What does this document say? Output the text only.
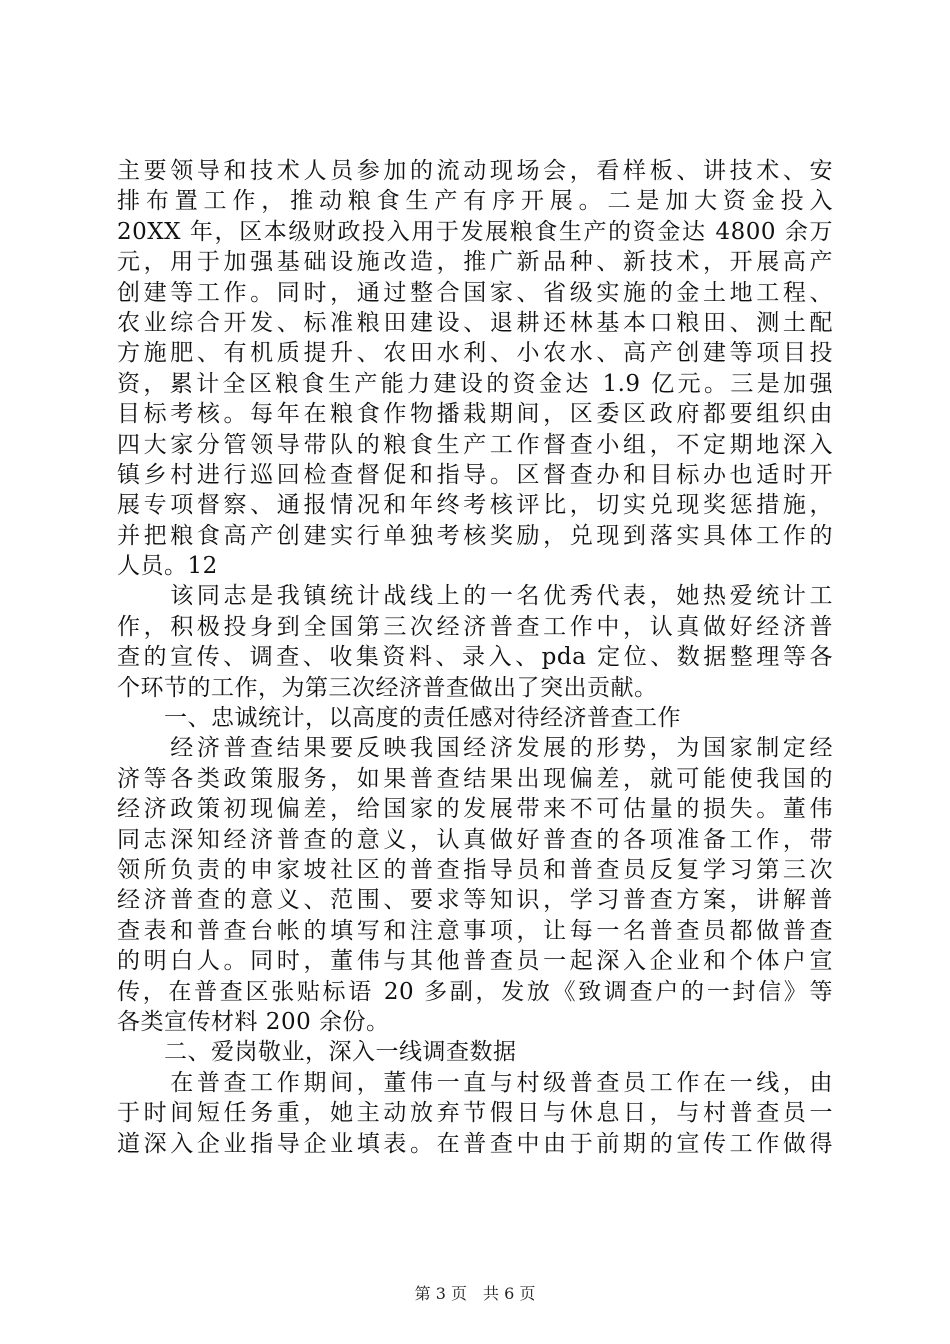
主要领导和技术人员参加的流动现场会，看样板、讲技术、安
排布置工作，推动粮食生产有序开展。二是加大资金投入
20XX 年，区本级财政投入用于发展粮食生产的资金达 4800 余万
元，用于加强基础设施改造，推广新品种、新技术，开展高产
创建等工作。同时，通过整合国家、省级实施的金土地工程、
农业综合开发、标准粮田建设、退耕还林基本口粮田、测土配
方施肥、有机质提升、农田水利、小农水、高产创建等项目投
资，累计全区粮食生产能力建设的资金达 1.9 亿元。三是加强
目标考核。每年在粮食作物播栽期间，区委区政府都要组织由
四大家分管领导带队的粮食生产工作督查小组，不定期地深入
镇乡村进行巡回检查督促和指导。区督查办和目标办也适时开
展专项督察、通报情况和年终考核评比，切实兑现奖惩措施，
并把粮食高产创建实行单独考核奖励，兑现到落实具体工作的
人员。12
　　该同志是我镇统计战线上的一名优秀代表，她热爱统计工
作，积极投身到全国第三次经济普查工作中，认真做好经济普
查的宣传、调查、收集资料、录入、pda 定位、数据整理等各
个环节的工作，为第三次经济普查做出了突出贡献。
　　一、忠诚统计，以高度的责任感对待经济普查工作
　　经济普查结果要反映我国经济发展的形势，为国家制定经
济等各类政策服务，如果普查结果出现偏差，就可能使我国的
经济政策初现偏差，给国家的发展带来不可估量的损失。董伟
同志深知经济普查的意义，认真做好普查的各项准备工作，带
领所负责的申家坡社区的普查指导员和普查员反复学习第三次
经济普查的意义、范围、要求等知识，学习普查方案，讲解普
查表和普查台帐的填写和注意事项，让每一名普查员都做普查
的明白人。同时，董伟与其他普查员一起深入企业和个体户宣
传，在普查区张贴标语 20 多副，发放《致调查户的一封信》等
各类宣传材料 200 余份。
　　二、爱岗敬业，深入一线调查数据
　　在普查工作期间，董伟一直与村级普查员工作在一线，由
于时间短任务重，她主动放弃节假日与休息日，与村普查员一
道深入企业指导企业填表。在普查中由于前期的宣传工作做得
第 3 页　共 6 页
